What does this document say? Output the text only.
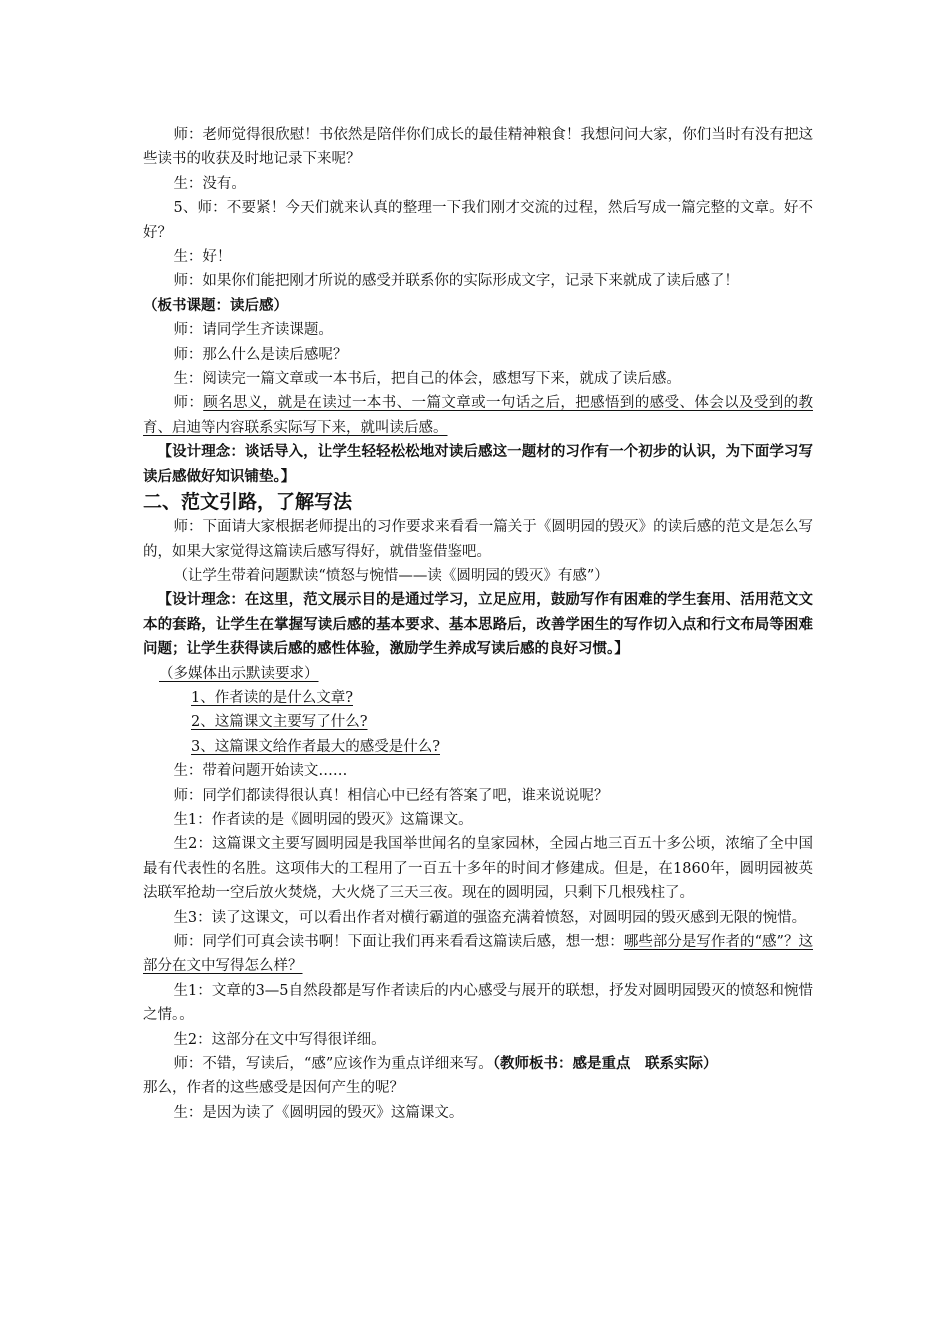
师：老师觉得很欣慰！书依然是陪伴你们成长的最佳精神粮食！我想问问大家，你们当时有没有把这些读书的收获及时地记录下来呢？

生：没有。

5、师：不要紧！今天们就来认真的整理一下我们刚才交流的过程，然后写成一篇完整的文章。好不好？

生：好！

师：如果你们能把刚才所说的感受并联系你的实际形成文字，记录下来就成了读后感了！

（板书课题：读后感）

师：请同学生齐读课题。

师：那么什么是读后感呢？

生：阅读完一篇文章或一本书后，把自己的体会，感想写下来，就成了读后感。

师：顾名思义，就是在读过一本书、一篇文章或一句话之后，把感悟到的感受、体会以及受到的教育、启迪等内容联系实际写下来，就叫读后感。

【设计理念：谈话导入，让学生轻轻松松地对读后感这一题材的习作有一个初步的认识，为下面学习写读后感做好知识铺垫。】

二、范文引路，了解写法

师：下面请大家根据老师提出的习作要求来看看一篇关于《圆明园的毁灭》的读后感的范文是怎么写的，如果大家觉得这篇读后感写得好，就借鉴借鉴吧。

（让学生带着问题默读“愤怒与惋惜——读《圆明园的毁灭》有感”）

【设计理念：在这里，范文展示目的是通过学习，立足应用，鼓励写作有困难的学生套用、活用范文文本的套路，让学生在掌握写读后感的基本要求、基本思路后，改善学困生的写作切入点和行文布局等困难问题；让学生获得读后感的感性体验，激励学生养成写读后感的良好习惯。】

（多媒体出示默读要求）

1、作者读的是什么文章?

2、这篇课文主要写了什么?

3、这篇课文给作者最大的感受是什么?

生：带着问题开始读文……

师：同学们都读得很认真！相信心中已经有答案了吧，谁来说说呢？

生1：作者读的是《圆明园的毁灭》这篇课文。

生2：这篇课文主要写圆明园是我国举世闻名的皇家园林，全园占地三百五十多公顷，浓缩了全中国最有代表性的名胜。这项伟大的工程用了一百五十多年的时间才修建成。但是，在1860年，圆明园被英法联军抢劫一空后放火焚烧，大火烧了三天三夜。现在的圆明园，只剩下几根残柱了。

生3：读了这课文，可以看出作者对横行霸道的强盗充满着愤怒，对圆明园的毁灭感到无限的惋惜。

师：同学们可真会读书啊！下面让我们再来看看这篇读后感，想一想：哪些部分是写作者的“感”？这部分在文中写得怎么样？

生1：文章的3—5自然段都是写作者读后的内心感受与展开的联想，抒发对圆明园毁灭的愤怒和惋惜之情。。

生2：这部分在文中写得很详细。

师：不错，写读后，“感”应该作为重点详细来写。（教师板书：感是重点　联系实际）

那么，作者的这些感受是因何产生的呢？

生：是因为读了《圆明园的毁灭》这篇课文。
